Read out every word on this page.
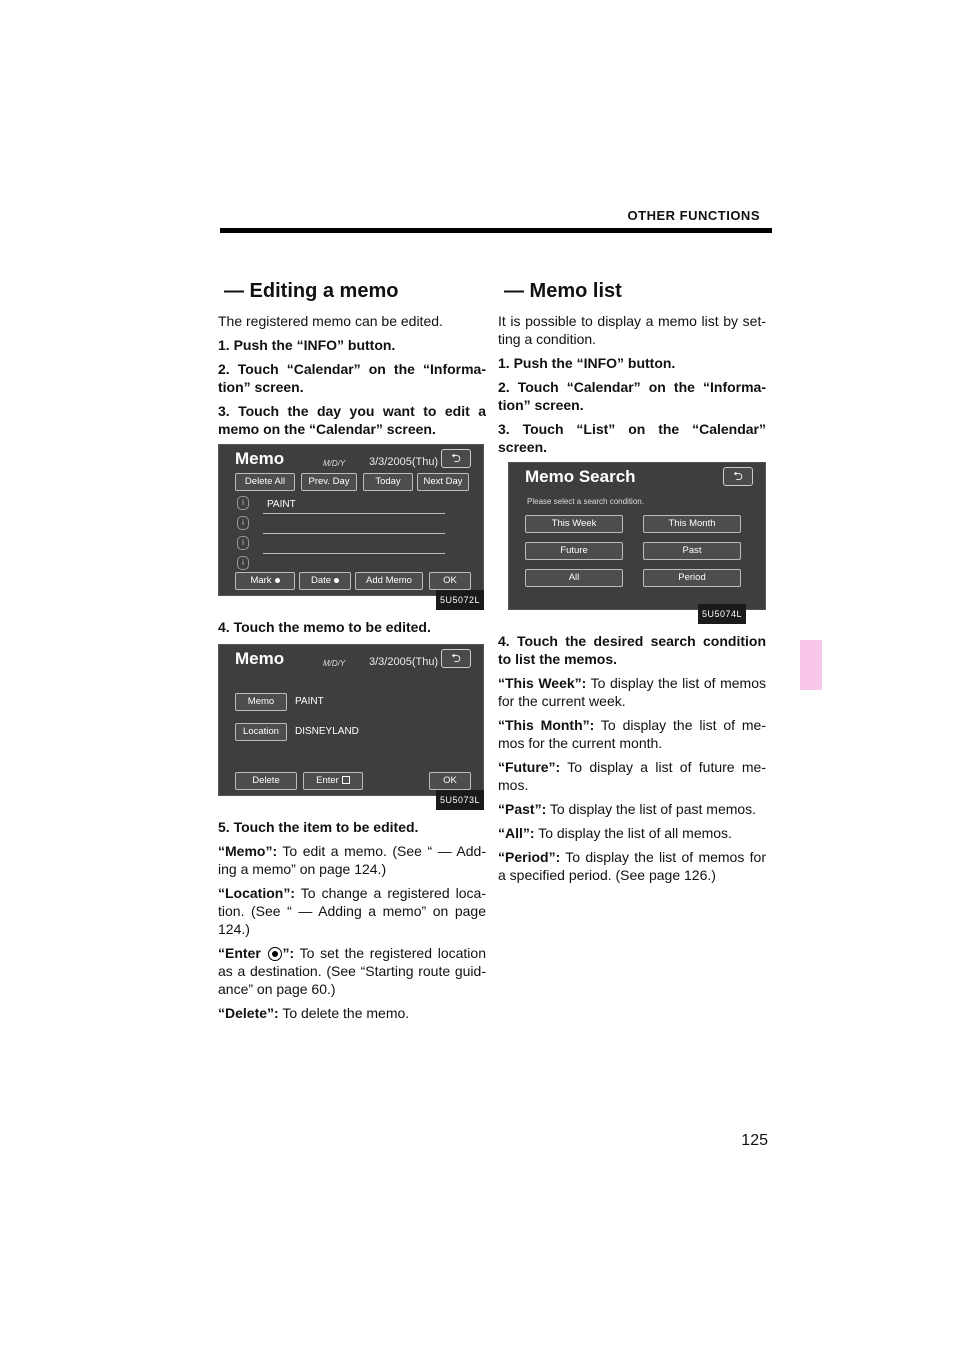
OTHER FUNCTIONS
125
— Editing a memo

The registered memo can be edited.

1. Push the “INFO” button.

2. Touch “Calendar” on the “Informa-tion” screen.

3. Touch the day you want to edit a memo on the “Calendar” screen.

Memo	M/D/Y 3/3/2005(Thu)	⮌
Delete All	Prev. Day	Today	Next Day
i	PAINT
i
i
i
Mark	Date	Add Memo	OK
5U5072L

4. Touch the memo to be edited.

Memo	M/D/Y 3/3/2005(Thu)	⮌
Memo	PAINT
Location	DISNEYLAND
Delete	Enter	OK
5U5073L

5. Touch the item to be edited.

“Memo”: To edit a memo. (See “ — Add-ing a memo” on page 124.)

“Location”: To change a registered loca-tion. (See “ — Adding a memo” on page 124.)

“Enter ”: To set the registered location as a destination. (See “Starting route guid-ance” on page 60.)

“Delete”: To delete the memo.

— Memo list

It is possible to display a memo list by set-ting a condition.

1. Push the “INFO” button.

2. Touch “Calendar” on the “Informa-tion” screen.

3. Touch “List” on the “Calendar” screen.

Memo Search	⮌
Please select a search condition.
This Week	This Month
Future	Past
All	Period
5U5074L

4. Touch the desired search condition to list the memos.

“This Week”: To display the list of memos for the current week.

“This Month”: To display the list of me-mos for the current month.

“Future”: To display a list of future me-mos.

“Past”: To display the list of past memos.

“All”: To display the list of all memos.

“Period”: To display the list of memos for a specified period. (See page 126.)
